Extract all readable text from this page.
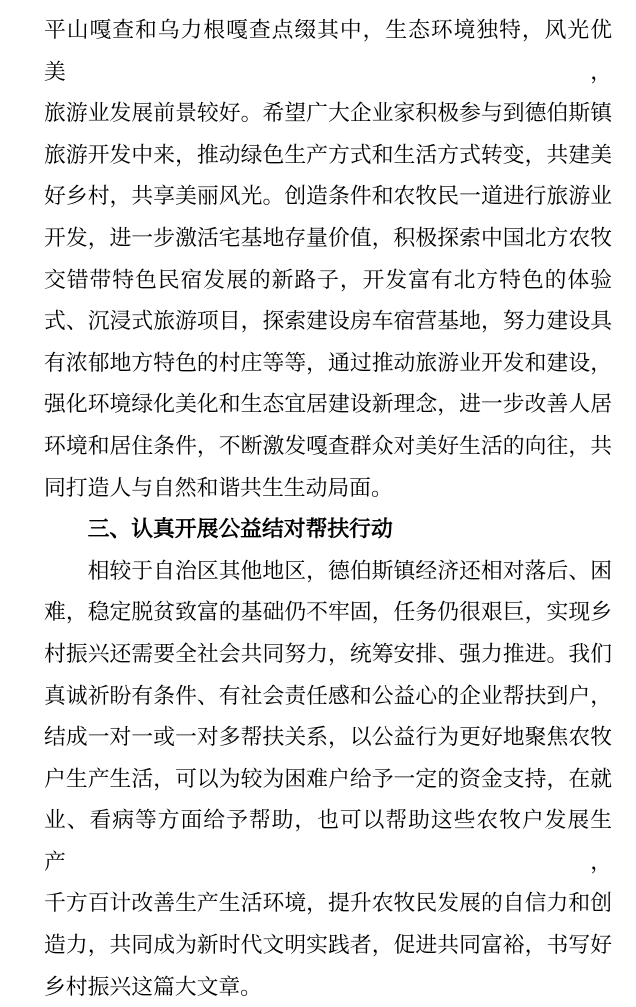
平山嘎查和乌力根嘎查点缀其中，生态环境独特，风光优美，
旅游业发展前景较好。希望广大企业家积极参与到德伯斯镇
旅游开发中来，推动绿色生产方式和生活方式转变，共建美
好乡村，共享美丽风光。创造条件和农牧民一道进行旅游业
开发，进一步激活宅基地存量价值，积极探索中国北方农牧
交错带特色民宿发展的新路子，开发富有北方特色的体验
式、沉浸式旅游项目，探索建设房车宿营基地，努力建设具
有浓郁地方特色的村庄等等，通过推动旅游业开发和建设，
强化环境绿化美化和生态宜居建设新理念，进一步改善人居
环境和居住条件，不断激发嘎查群众对美好生活的向往，共
同打造人与自然和谐共生生动局面。
三、认真开展公益结对帮扶行动
相较于自治区其他地区，德伯斯镇经济还相对落后、困
难，稳定脱贫致富的基础仍不牢固，任务仍很艰巨，实现乡
村振兴还需要全社会共同努力，统筹安排、强力推进。我们
真诚祈盼有条件、有社会责任感和公益心的企业帮扶到户，
结成一对一或一对多帮扶关系，以公益行为更好地聚焦农牧
户生产生活，可以为较为困难户给予一定的资金支持，在就
业、看病等方面给予帮助，也可以帮助这些农牧户发展生产，
千方百计改善生产生活环境，提升农牧民发展的自信力和创
造力，共同成为新时代文明实践者，促进共同富裕，书写好
乡村振兴这篇大文章。
